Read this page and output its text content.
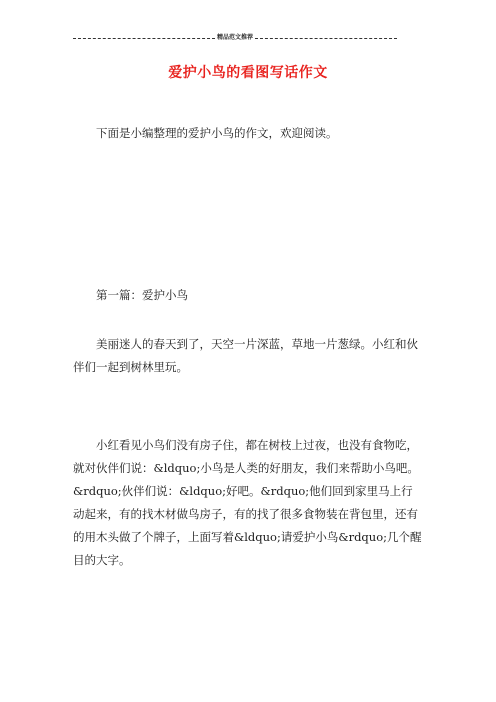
精品范文推荐
爱护小鸟的看图写话作文

下面是小编整理的爱护小鸟的作文，欢迎阅读。

第一篇：爱护小鸟

美丽迷人的春天到了，天空一片深蓝，草地一片葱绿。小红和伙伴们一起到树林里玩。

小红看见小鸟们没有房子住，都在树枝上过夜，也没有食物吃，就对伙伴们说：&ldquo;小鸟是人类的好朋友，我们来帮助小鸟吧。&rdquo;伙伴们说：&ldquo;好吧。&rdquo;他们回到家里马上行动起来，有的找木材做鸟房子，有的找了很多食物装在背包里，还有的用木头做了个牌子，上面写着&ldquo;请爱护小鸟&rdquo;几个醒目的大字。
